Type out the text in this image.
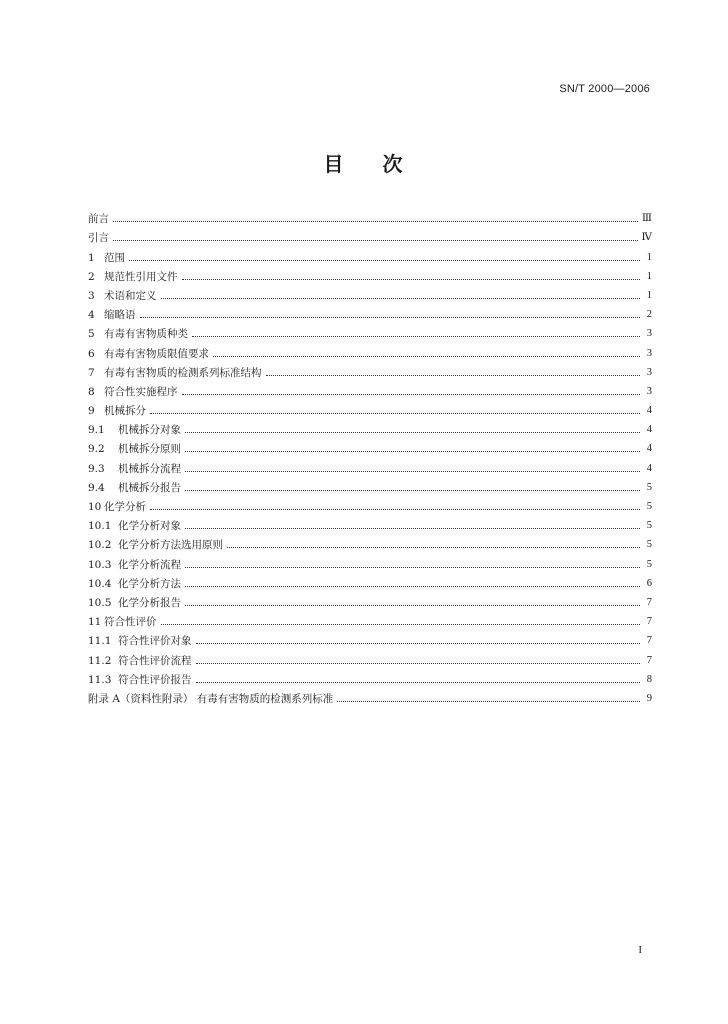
SN/T 2000—2006
目 次
前言	Ⅲ
引言	Ⅳ
1 范围	1
2 规范性引用文件	1
3 术语和定义	1
4 缩略语	2
5 有毒有害物质种类	3
6 有毒有害物质限值要求	3
7 有毒有害物质的检测系列标准结构	3
8 符合性实施程序	3
9 机械拆分	4
9.1 机械拆分对象	4
9.2 机械拆分原则	4
9.3 机械拆分流程	4
9.4 机械拆分报告	5
10 化学分析	5
10.1 化学分析对象	5
10.2 化学分析方法选用原则	5
10.3 化学分析流程	5
10.4 化学分析方法	6
10.5 化学分析报告	7
11 符合性评价	7
11.1 符合性评价对象	7
11.2 符合性评价流程	7
11.3 符合性评价报告	8
附录 A（资料性附录） 有毒有害物质的检测系列标准	9
I
